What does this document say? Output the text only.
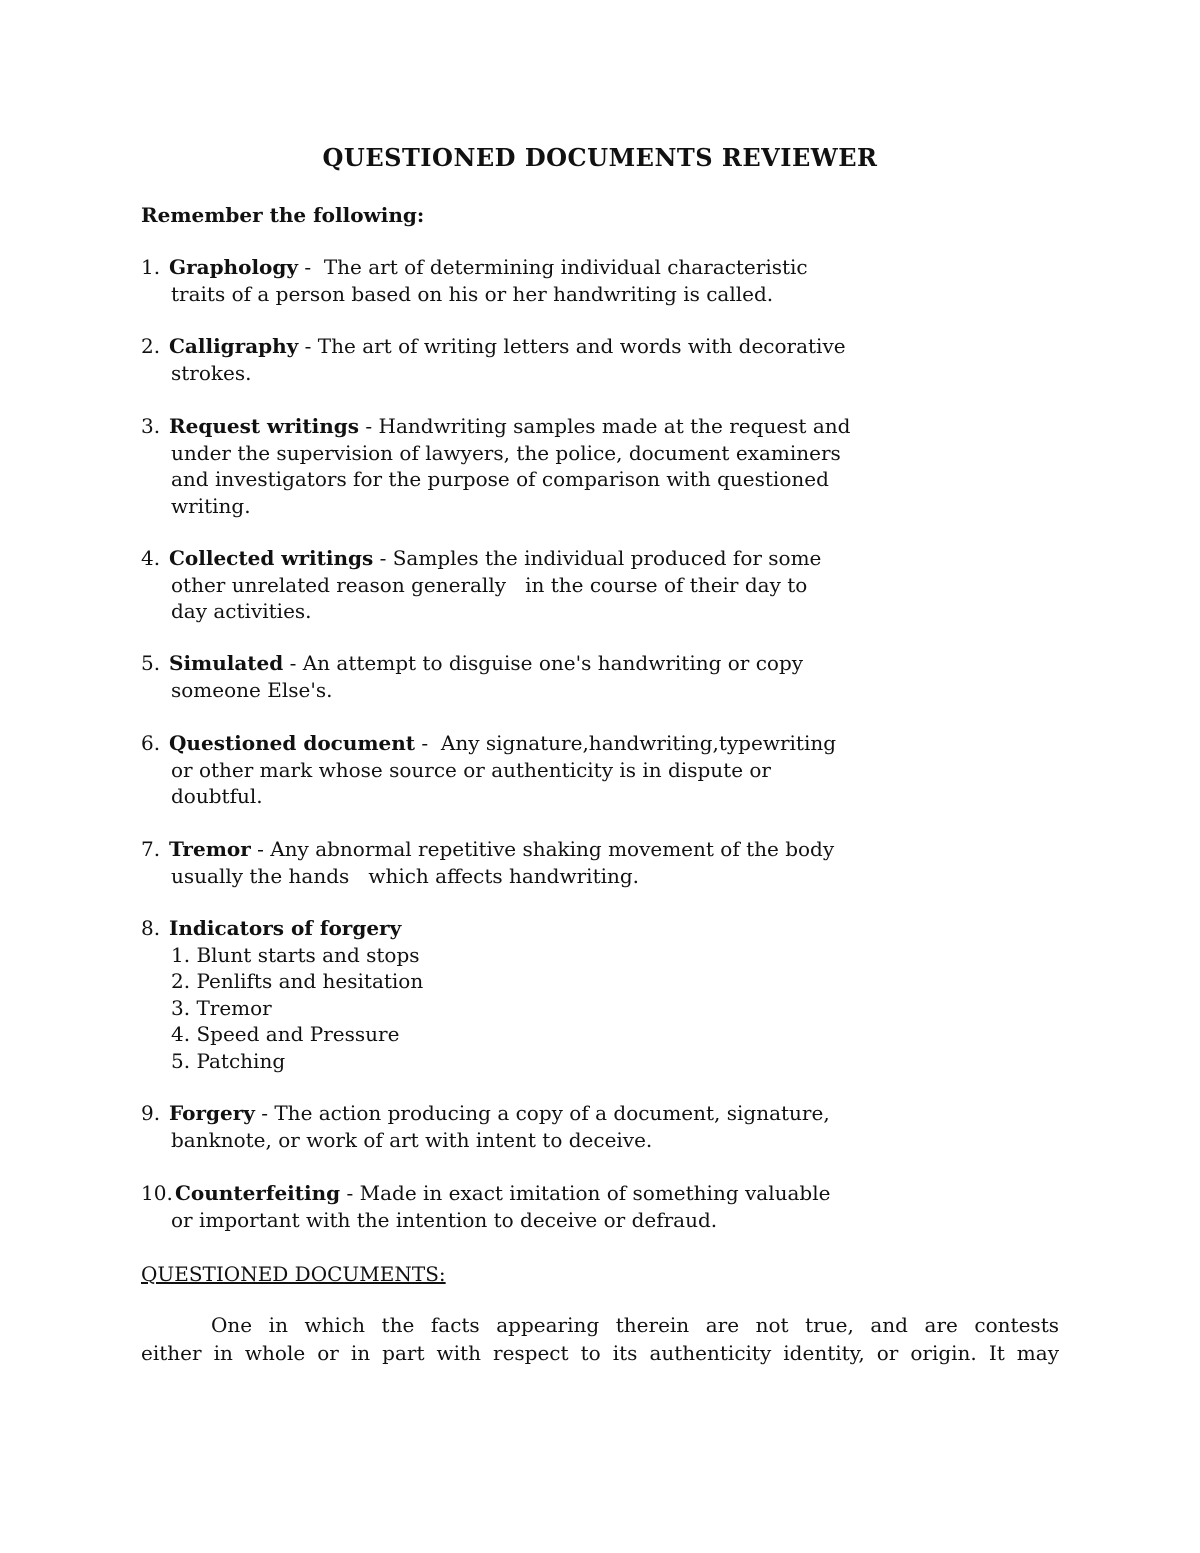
QUESTIONED DOCUMENTS REVIEWER
Remember the following:
1. Graphology -  The art of determining individual characteristic
traits of a person based on his or her handwriting is called.
2. Calligraphy - The art of writing letters and words with decorative
strokes.
3. Request writings - Handwriting samples made at the request and
under the supervision of lawyers, the police, document examiners
and investigators for the purpose of comparison with questioned
writing.
4. Collected writings - Samples the individual produced for some
other unrelated reason generally   in the course of their day to
day activities.
5. Simulated - An attempt to disguise one's handwriting or copy
someone Else's.
6. Questioned document -  Any signature,handwriting,typewriting
or other mark whose source or authenticity is in dispute or
doubtful.
7. Tremor - Any abnormal repetitive shaking movement of the body
usually the hands   which affects handwriting.
8. Indicators of forgery
1. Blunt starts and stops
2. Penlifts and hesitation
3. Tremor
4. Speed and Pressure
5. Patching
9. Forgery - The action producing a copy of a document, signature,
banknote, or work of art with intent to deceive.
10. Counterfeiting - Made in exact imitation of something valuable
or important with the intention to deceive or defraud.
QUESTIONED DOCUMENTS:
One in which the facts appearing therein are not true, and are contests
either in whole or in part with respect to its authenticity identity, or origin. It may
